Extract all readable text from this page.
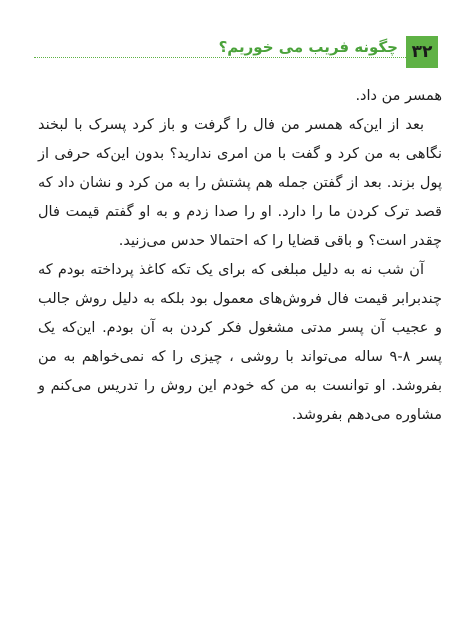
۳۲
چگونه فریب می خوریم؟

همسر من داد.

بعد از این‌که همسر من فال را گرفت و باز کرد پسرک با لبخند نگاهی به من کرد و گفت با من امری ندارید؟ بدون این‌که حرفی از پول بزند. بعد از گفتن جمله هم پشتش را به من کرد و نشان داد که قصد ترک کردن ما را دارد. او را صدا زدم و به او گفتم قیمت فال چقدر است؟ و باقی قضایا را که احتمالا حدس می‌زنید.

آن شب نه به دلیل مبلغی که برای یک تکه کاغذ پرداخته بودم که چندبرابر قیمت فال فروش‌های معمول بود بلکه به دلیل روش جالب و عجیب آن پسر مدتی مشغول فکر کردن به آن بودم. این‌که یک پسر ۸-۹ ساله می‌تواند با روشی ، چیزی را که نمی‌خواهم به من بفروشد. او توانست به من که خودم این روش را تدریس می‌کنم و مشاوره می‌دهم بفروشد.
